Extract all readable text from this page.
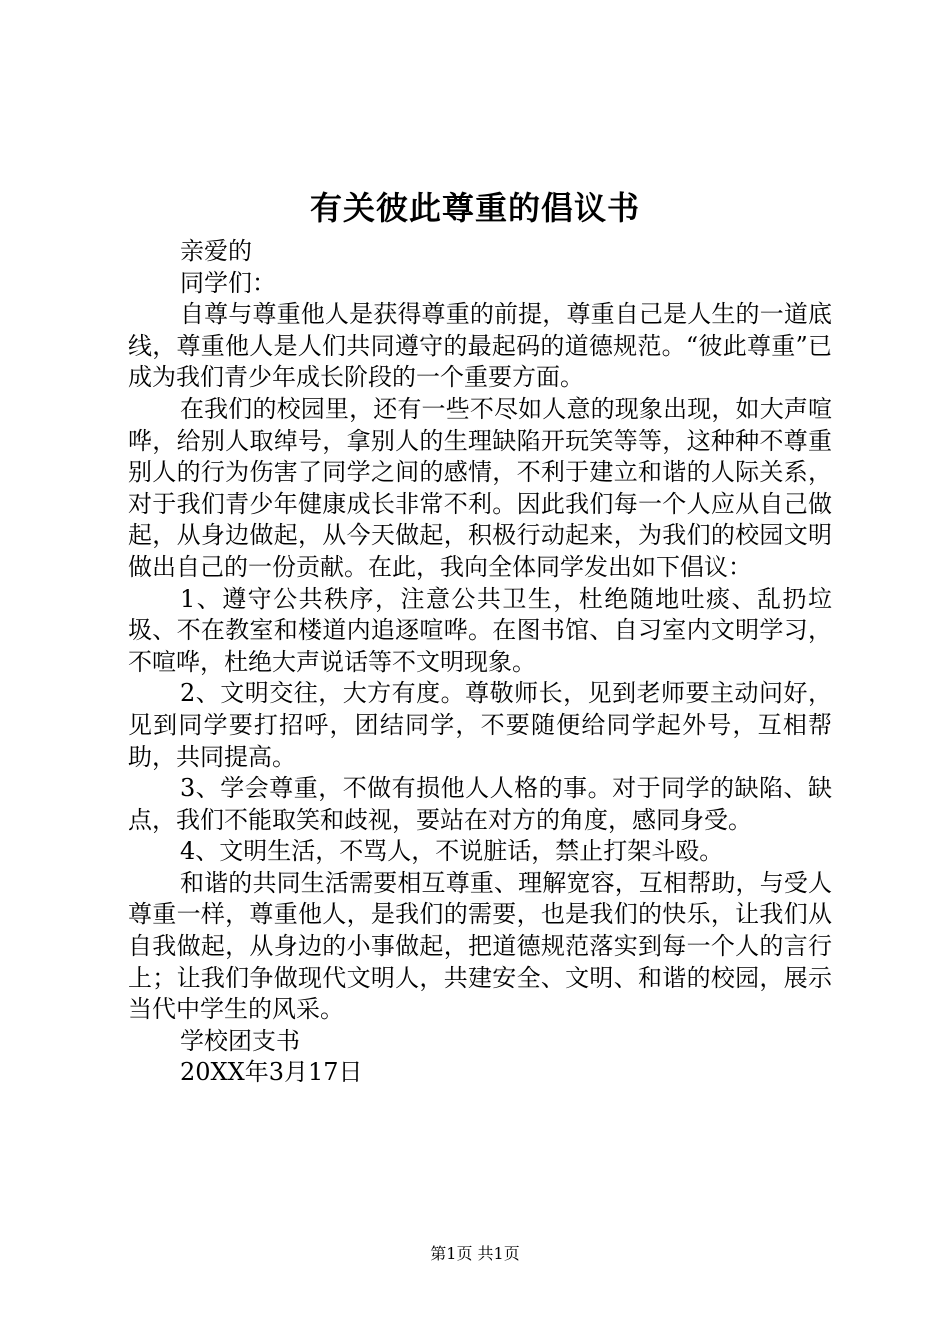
有关彼此尊重的倡议书

亲爱的

同学们：

自尊与尊重他人是获得尊重的前提，尊重自己是人生的一道底线，尊重他人是人们共同遵守的最起码的道德规范。“彼此尊重”已成为我们青少年成长阶段的一个重要方面。

在我们的校园里，还有一些不尽如人意的现象出现，如大声喧哗，给别人取绰号，拿别人的生理缺陷开玩笑等等，这种种不尊重别人的行为伤害了同学之间的感情，不利于建立和谐的人际关系，对于我们青少年健康成长非常不利。因此我们每一个人应从自己做起，从身边做起，从今天做起，积极行动起来，为我们的校园文明做出自己的一份贡献。在此，我向全体同学发出如下倡议：

1、遵守公共秩序，注意公共卫生，杜绝随地吐痰、乱扔垃圾、不在教室和楼道内追逐喧哗。在图书馆、自习室内文明学习，不喧哗，杜绝大声说话等不文明现象。

2、文明交往，大方有度。尊敬师长，见到老师要主动问好，见到同学要打招呼，团结同学，不要随便给同学起外号，互相帮助，共同提高。

3、学会尊重，不做有损他人人格的事。对于同学的缺陷、缺点，我们不能取笑和歧视，要站在对方的角度，感同身受。

4、文明生活，不骂人，不说脏话，禁止打架斗殴。

和谐的共同生活需要相互尊重、理解宽容，互相帮助，与受人尊重一样，尊重他人，是我们的需要，也是我们的快乐，让我们从自我做起，从身边的小事做起，把道德规范落实到每一个人的言行上；让我们争做现代文明人，共建安全、文明、和谐的校园，展示当代中学生的风采。

学校团支书

20XX年3月17日

第1页 共1页
